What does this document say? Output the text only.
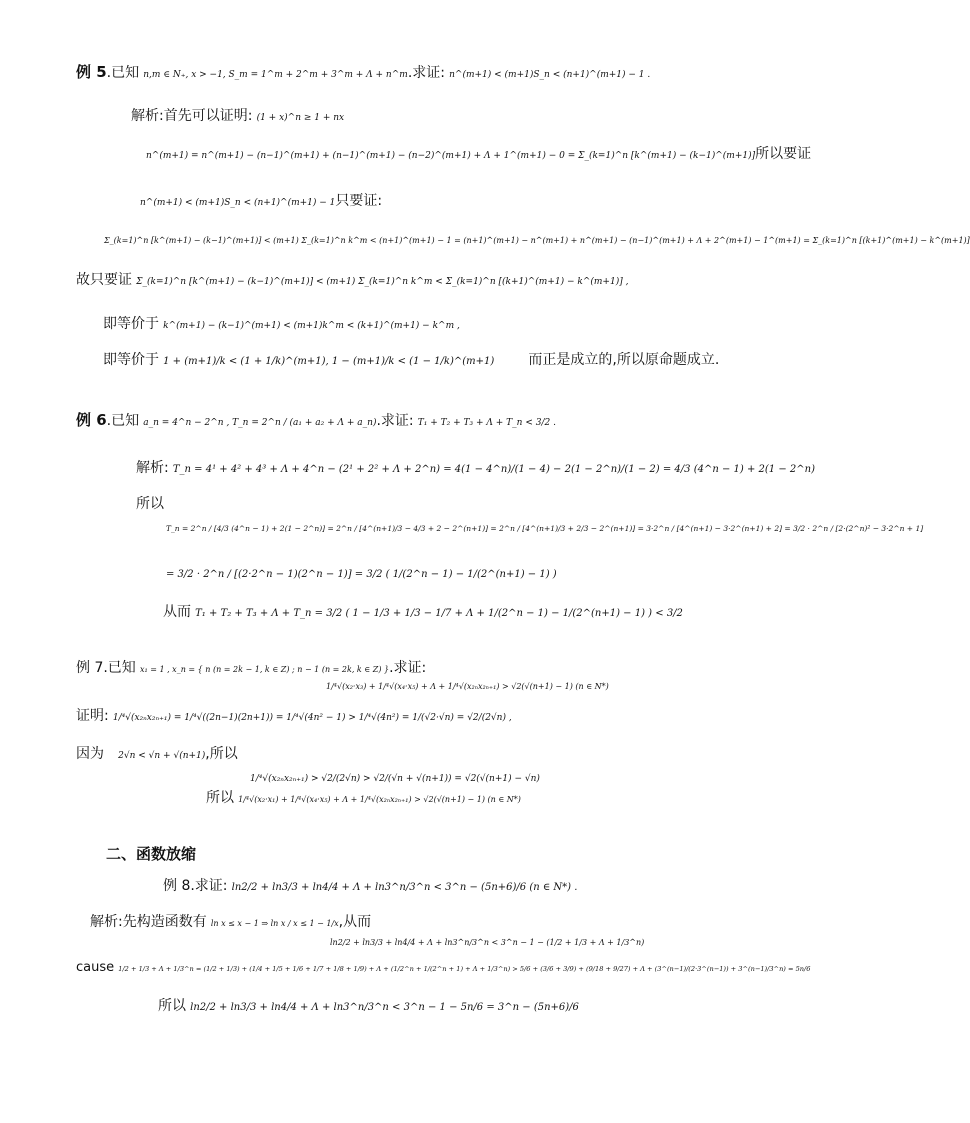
例 5.已知 n,m ∈ N₊, x > −1, S_m = 1^m + 2^m + 3^m + Λ + n^m.求证: n^(m+1) < (m+1)S_n < (n+1)^(m+1) − 1 .
解析:首先可以证明: (1 + x)^n ≥ 1 + nx
n^(m+1) = n^(m+1) − (n−1)^(m+1) + (n−1)^(m+1) − (n−2)^(m+1) + Λ + 1^(m+1) − 0 = Σ_(k=1)^n [k^(m+1) − (k−1)^(m+1)]所以要证
n^(m+1) < (m+1)S_n < (n+1)^(m+1) − 1只要证:
Σ_(k=1)^n [k^(m+1) − (k−1)^(m+1)] < (m+1) Σ_(k=1)^n k^m < (n+1)^(m+1) − 1 = (n+1)^(m+1) − n^(m+1) + n^(m+1) − (n−1)^(m+1) + Λ + 2^(m+1) − 1^(m+1) = Σ_(k=1)^n [(k+1)^(m+1) − k^(m+1)]
故只要证 Σ_(k=1)^n [k^(m+1) − (k−1)^(m+1)] < (m+1) Σ_(k=1)^n k^m < Σ_(k=1)^n [(k+1)^(m+1) − k^(m+1)] ,
即等价于 k^(m+1) − (k−1)^(m+1) < (m+1)k^m < (k+1)^(m+1) − k^m ,
即等价于 1 + (m+1)/k < (1 + 1/k)^(m+1), 1 − (m+1)/k < (1 − 1/k)^(m+1) 而正是成立的,所以原命题成立.
例 6.已知 a_n = 4^n − 2^n , T_n = 2^n / (a₁ + a₂ + Λ + a_n).求证: T₁ + T₂ + T₃ + Λ + T_n < 3/2 .
解析: T_n = 4¹ + 4² + 4³ + Λ + 4^n − (2¹ + 2² + Λ + 2^n) = 4(1 − 4^n)/(1 − 4) − 2(1 − 2^n)/(1 − 2) = 4/3 (4^n − 1) + 2(1 − 2^n)
所以
T_n = 2^n / [4/3 (4^n − 1) + 2(1 − 2^n)] = 2^n / [4^(n+1)/3 − 4/3 + 2 − 2^(n+1)] = 2^n / [4^(n+1)/3 + 2/3 − 2^(n+1)] = 3·2^n / [4^(n+1) − 3·2^(n+1) + 2] = 3/2 · 2^n / [2·(2^n)² − 3·2^n + 1]
= 3/2 · 2^n / [(2·2^n − 1)(2^n − 1)] = 3/2 ( 1/(2^n − 1) − 1/(2^(n+1) − 1) )
从而 T₁ + T₂ + T₃ + Λ + T_n = 3/2 ( 1 − 1/3 + 1/3 − 1/7 + Λ + 1/(2^n − 1) − 1/(2^(n+1) − 1) ) < 3/2
例 7.已知 x₁ = 1 , x_n = { n (n = 2k − 1, k ∈ Z) ; n − 1 (n = 2k, k ∈ Z) }.求证:
1/⁴√(x₂·x₃) + 1/⁴√(x₄·x₅) + Λ + 1/⁴√(x₂ₙx₂ₙ₊₁) > √2(√(n+1) − 1) (n ∈ N*)
证明: 1/⁴√(x₂ₙx₂ₙ₊₁) = 1/⁴√((2n−1)(2n+1)) = 1/⁴√(4n² − 1) > 1/⁴√(4n²) = 1/(√2·√n) = √2/(2√n) ,
因为 2√n < √n + √(n+1),所以
1/⁴√(x₂ₙx₂ₙ₊₁) > √2/(2√n) > √2/(√n + √(n+1)) = √2(√(n+1) − √n)
所以 1/⁴√(x₂·x₁) + 1/⁴√(x₄·x₅) + Λ + 1/⁴√(x₂ₙx₂ₙ₊₁) > √2(√(n+1) − 1) (n ∈ N*)
二、函数放缩
例 8.求证: ln2/2 + ln3/3 + ln4/4 + Λ + ln3^n/3^n < 3^n − (5n+6)/6 (n ∈ N*) .
解析:先构造函数有 ln x ≤ x − 1 ⇒ ln x / x ≤ 1 − 1/x,从而
ln2/2 + ln3/3 + ln4/4 + Λ + ln3^n/3^n < 3^n − 1 − (1/2 + 1/3 + Λ + 1/3^n)
cause 1/2 + 1/3 + Λ + 1/3^n = (1/2 + 1/3) + (1/4 + 1/5 + 1/6 + 1/7 + 1/8 + 1/9) + Λ + (1/2^n + 1/(2^n + 1) + Λ + 1/3^n) > 5/6 + (3/6 + 3/9) + (9/18 + 9/27) + Λ + (3^(n−1)/(2·3^(n−1)) + 3^(n−1)/3^n) = 5n/6
所以 ln2/2 + ln3/3 + ln4/4 + Λ + ln3^n/3^n < 3^n − 1 − 5n/6 = 3^n − (5n+6)/6
